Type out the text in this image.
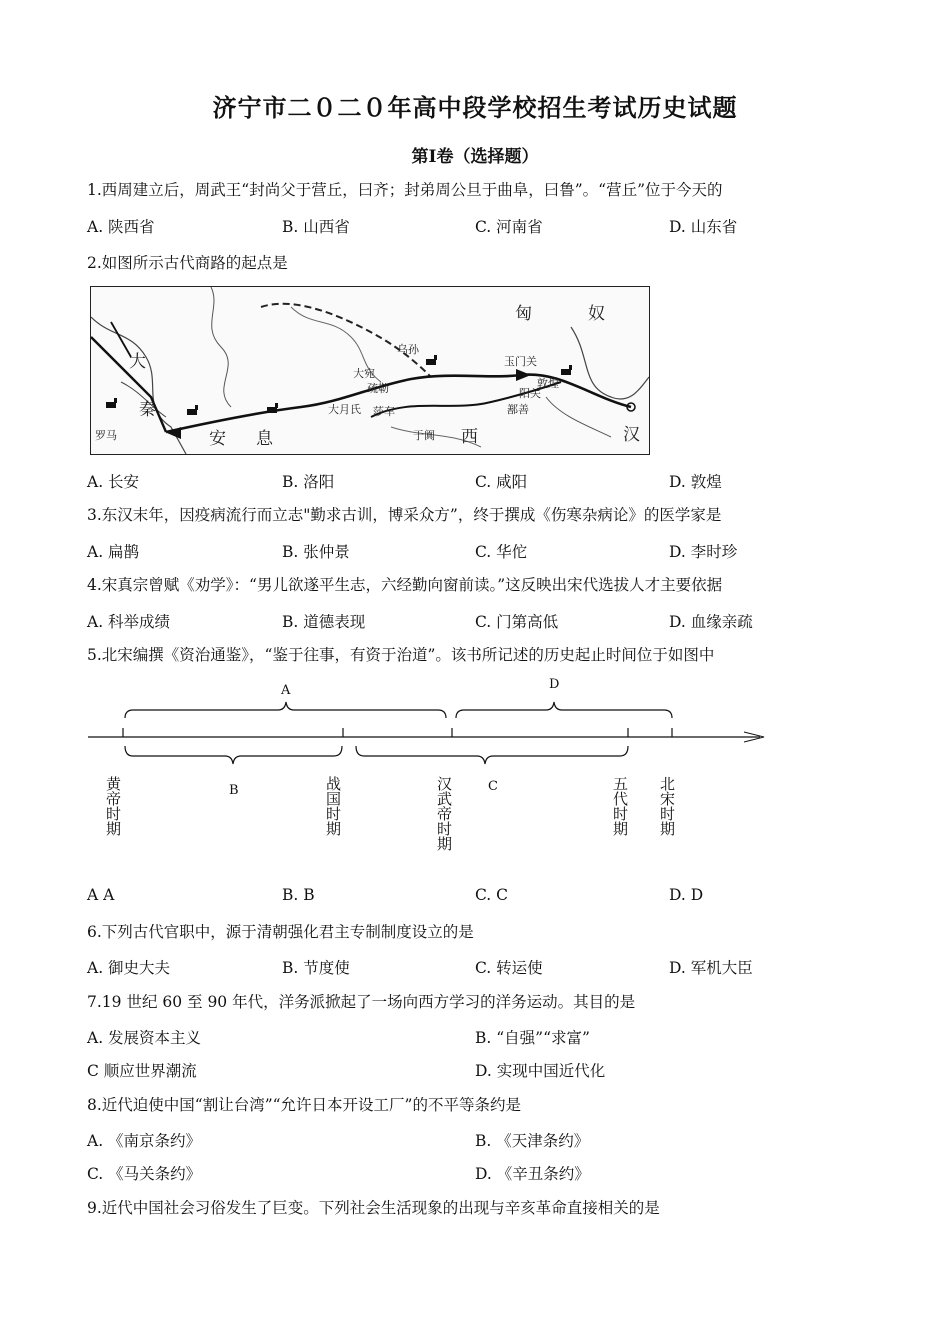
济宁市二０二０年高中段学校招生考试历史试题
第Ⅰ卷（选择题）
1.西周建立后，周武王“封尚父于营丘，曰齐；封弟周公旦于曲阜，曰鲁”。“营丘”位于今天的
A. 陕西省	B. 山西省	C. 河南省	D. 山东省
2.如图所示古代商路的起点是
匈	奴
大
秦
安 息	西	汉
玉门关
阳关
敦煌
大宛
疏勒
大月氏	鄯善
于阗
莎车
乌孙
罗马
A. 长安	B. 洛阳	C. 咸阳	D. 敦煌
3.东汉末年，因疫病流行而立志"勤求古训，博采众方”，终于撰成《伤寒杂病论》的医学家是
A. 扁鹊	B. 张仲景	C. 华佗	D. 李时珍
4.宋真宗曾赋《劝学》：“男儿欲遂平生志，六经勤向窗前读。”这反映出宋代选拔人才主要依据
A. 科举成绩	B. 道德表现	C. 门第高低	D. 血缘亲疏
5.北宋编撰《资治通鉴》，“鉴于往事，有资于治道”。该书所记述的历史起止时间位于如图中
A
B	C
D
黄帝时期	战国时期	汉武帝时期	五代时期 北宋时期
A A	B. B	C. C	D. D
6.下列古代官职中，源于清朝强化君主专制制度设立的是
A. 御史大夫	B. 节度使	C. 转运使	D. 军机大臣
7.19 世纪 60 至 90 年代，洋务派掀起了一场向西方学习的洋务运动。其目的是
A. 发展资本主义	B. “自强”“求富”
C 顺应世界潮流	D. 实现中国近代化
8.近代迫使中国“割让台湾”“允许日本开设工厂”的不平等条约是
A. 《南京条约》	B. 《天津条约》
C. 《马关条约》	D. 《辛丑条约》
9.近代中国社会习俗发生了巨变。下列社会生活现象的出现与辛亥革命直接相关的是
